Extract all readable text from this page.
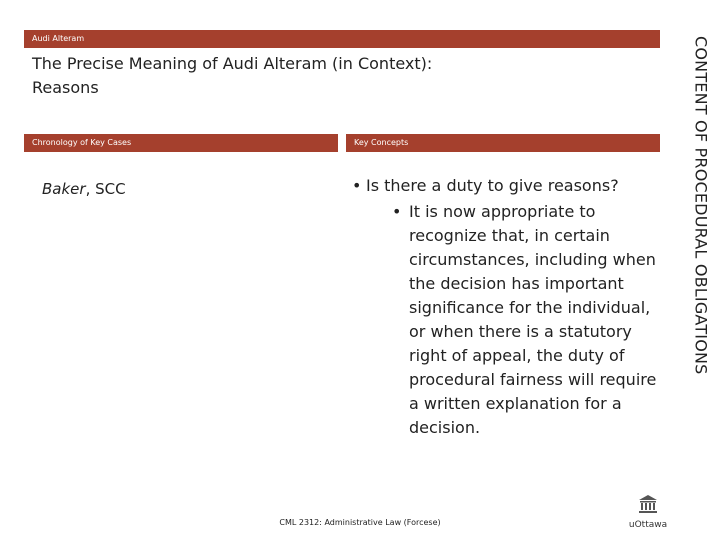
Audi Alteram
The Precise Meaning of Audi Alteram (in Context):
Reasons
Chronology of Key Cases	Key Concepts
Baker, SCC
•	Is there a duty to give reasons?
• It is now appropriate to recognize that, in certain circumstances, including when the decision has important significance for the individual, or when there is a statutory right of appeal, the duty of procedural fairness will require a written explanation for a decision.
CONTENT OF PROCEDURAL OBLIGATIONS
CML 2312: Administrative Law (Forcese)	uOttawa
